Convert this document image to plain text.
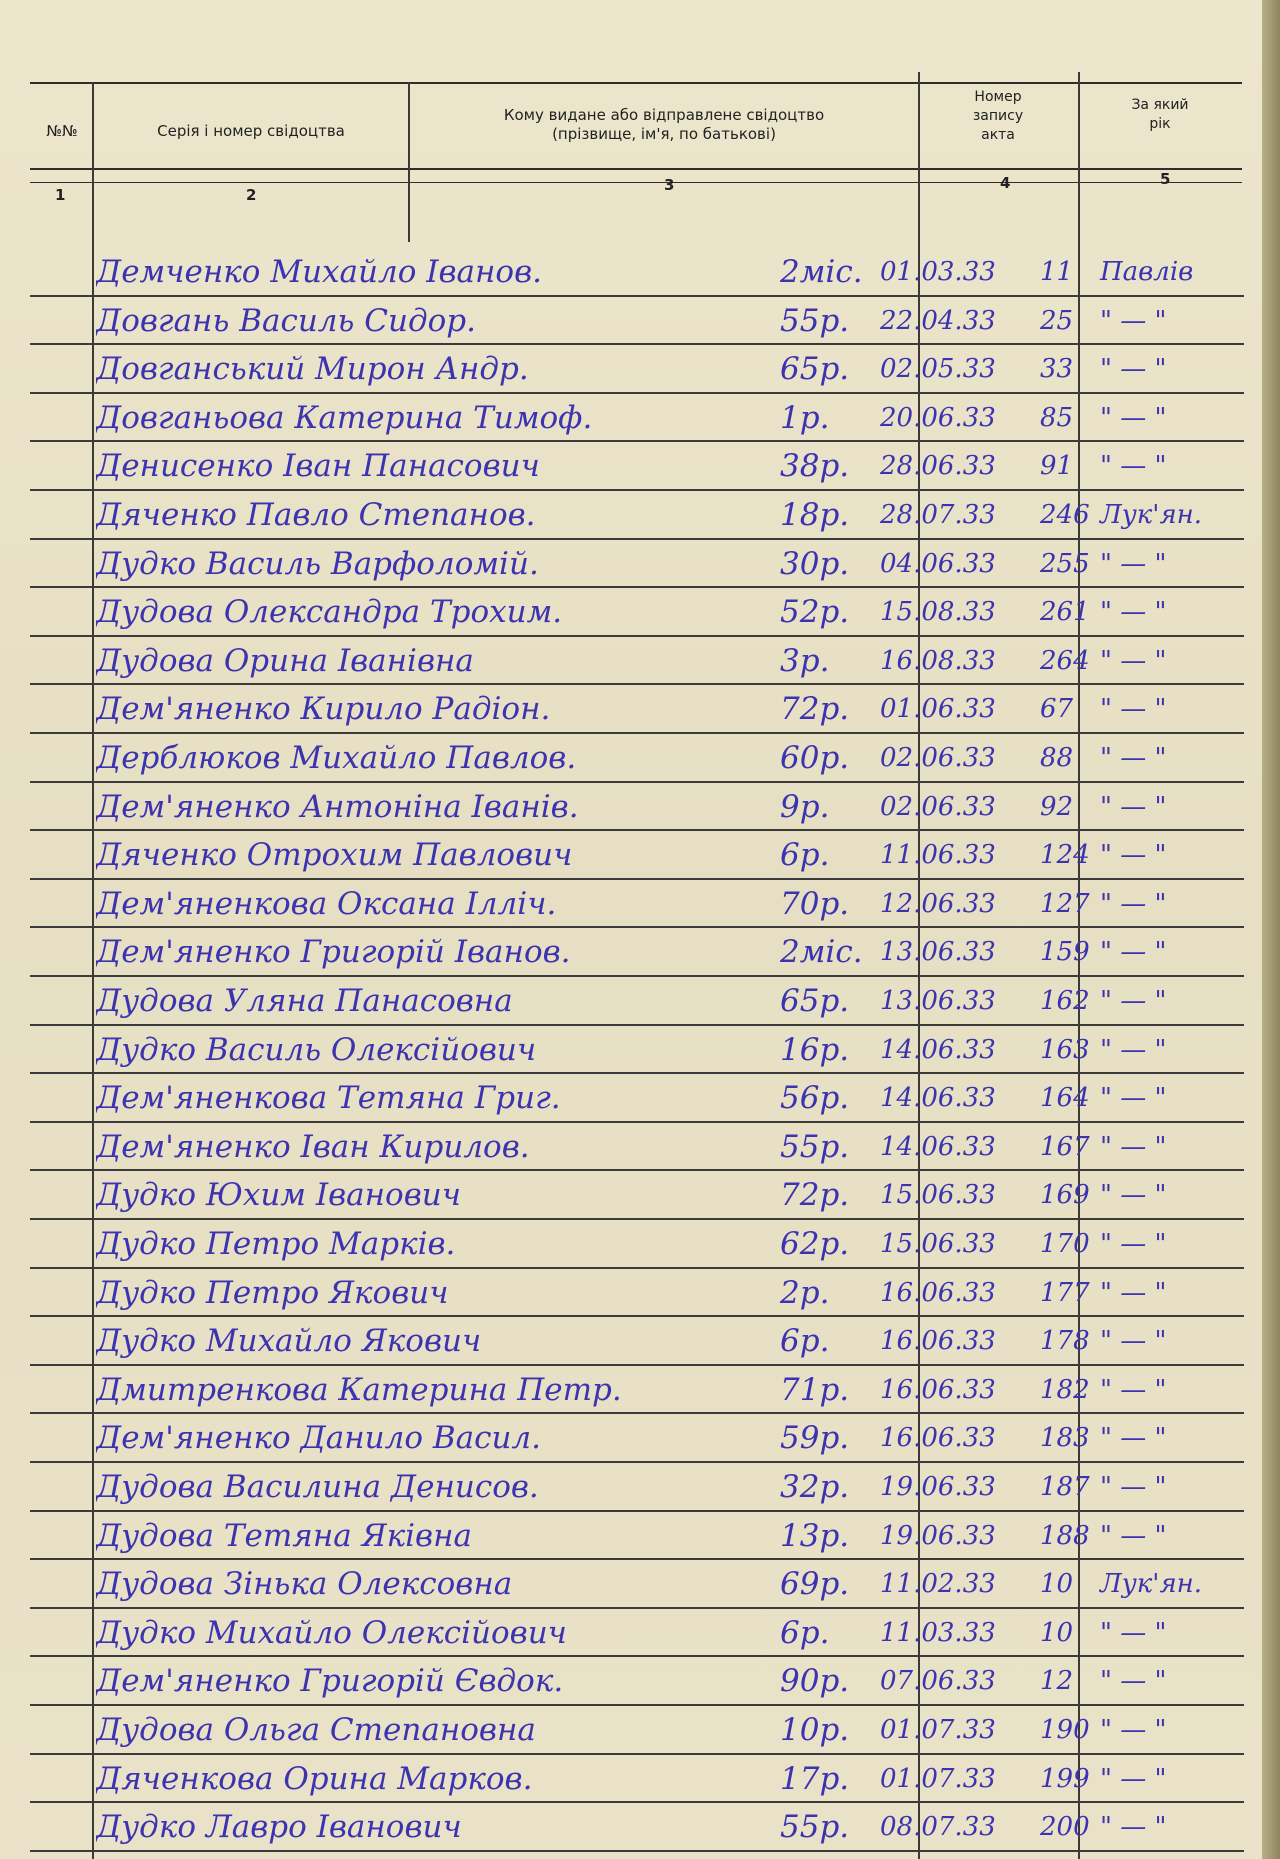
№№	Серія і номер свідоцтва
Кому видане або відправлене свідоцтво
(прізвище, ім'я, по батькові)
Номер
запису
акта
За який
рік
1	2
3	4	5
Демченко Михайло Іванов.	2міс. 01.03.33	11	Павлів
Довгань Василь Сидор.	55р.	22.04.33	25	" — "
Довганський Мирон Андр.	65р.	02.05.33	33	" — "
Довганьова Катерина Тимоф.	1р.	20.06.33	85	" — "
Денисенко Іван Панасович	38р.	28.06.33	91	" — "
Дяченко Павло Степанов.	18р.	28.07.33	246 Лук'ян.
Дудко Василь Варфоломій.	30р.	04.06.33	255 " — "
Дудова Олександра Трохим.	52р.	15.08.33	261 " — "
Дудова Орина Іванівна	3р.	16.08.33	264 " — "
Дем'яненко Кирило Радіон.	72р.	01.06.33	67	" — "
Дерблюков Михайло Павлов.	60р.	02.06.33	88	" — "
Дем'яненко Антоніна Іванів.	9р.	02.06.33	92	" — "
Дяченко Отрохим Павлович	6р.	11.06.33	124 " — "
Дем'яненкова Оксана Ілліч.	70р.	12.06.33	127 " — "
Дем'яненко Григорій Іванов.	2міс. 13.06.33	159 " — "
Дудова Уляна Панасовна	65р.	13.06.33	162 " — "
Дудко Василь Олексійович	16р.	14.06.33	163 " — "
Дем'яненкова Тетяна Григ.	56р.	14.06.33	164 " — "
Дем'яненко Іван Кирилов.	55р.	14.06.33	167 " — "
Дудко Юхим Іванович	72р.	15.06.33	169 " — "
Дудко Петро Марків.	62р.	15.06.33	170 " — "
Дудко Петро Якович	2р.	16.06.33	177 " — "
Дудко Михайло Якович	6р.	16.06.33	178 " — "
Дмитренкова Катерина Петр.	71р.	16.06.33	182 " — "
Дем'яненко Данило Васил.	59р.	16.06.33	183 " — "
Дудова Василина Денисов.	32р.	19.06.33	187 " — "
Дудова Тетяна Яківна	13р.	19.06.33	188 " — "
Дудова Зінька Олексовна	69р.	11.02.33	10	Лук'ян.
Дудко Михайло Олексійович	6р.	11.03.33	10	" — "
Дем'яненко Григорій Євдок.	90р.	07.06.33	12	" — "
Дудова Ольга Степановна	10р.	01.07.33	190 " — "
Дяченкова Орина Марков.	17р.	01.07.33	199 " — "
Дудко Лавро Іванович	55р.	08.07.33	200 " — "
